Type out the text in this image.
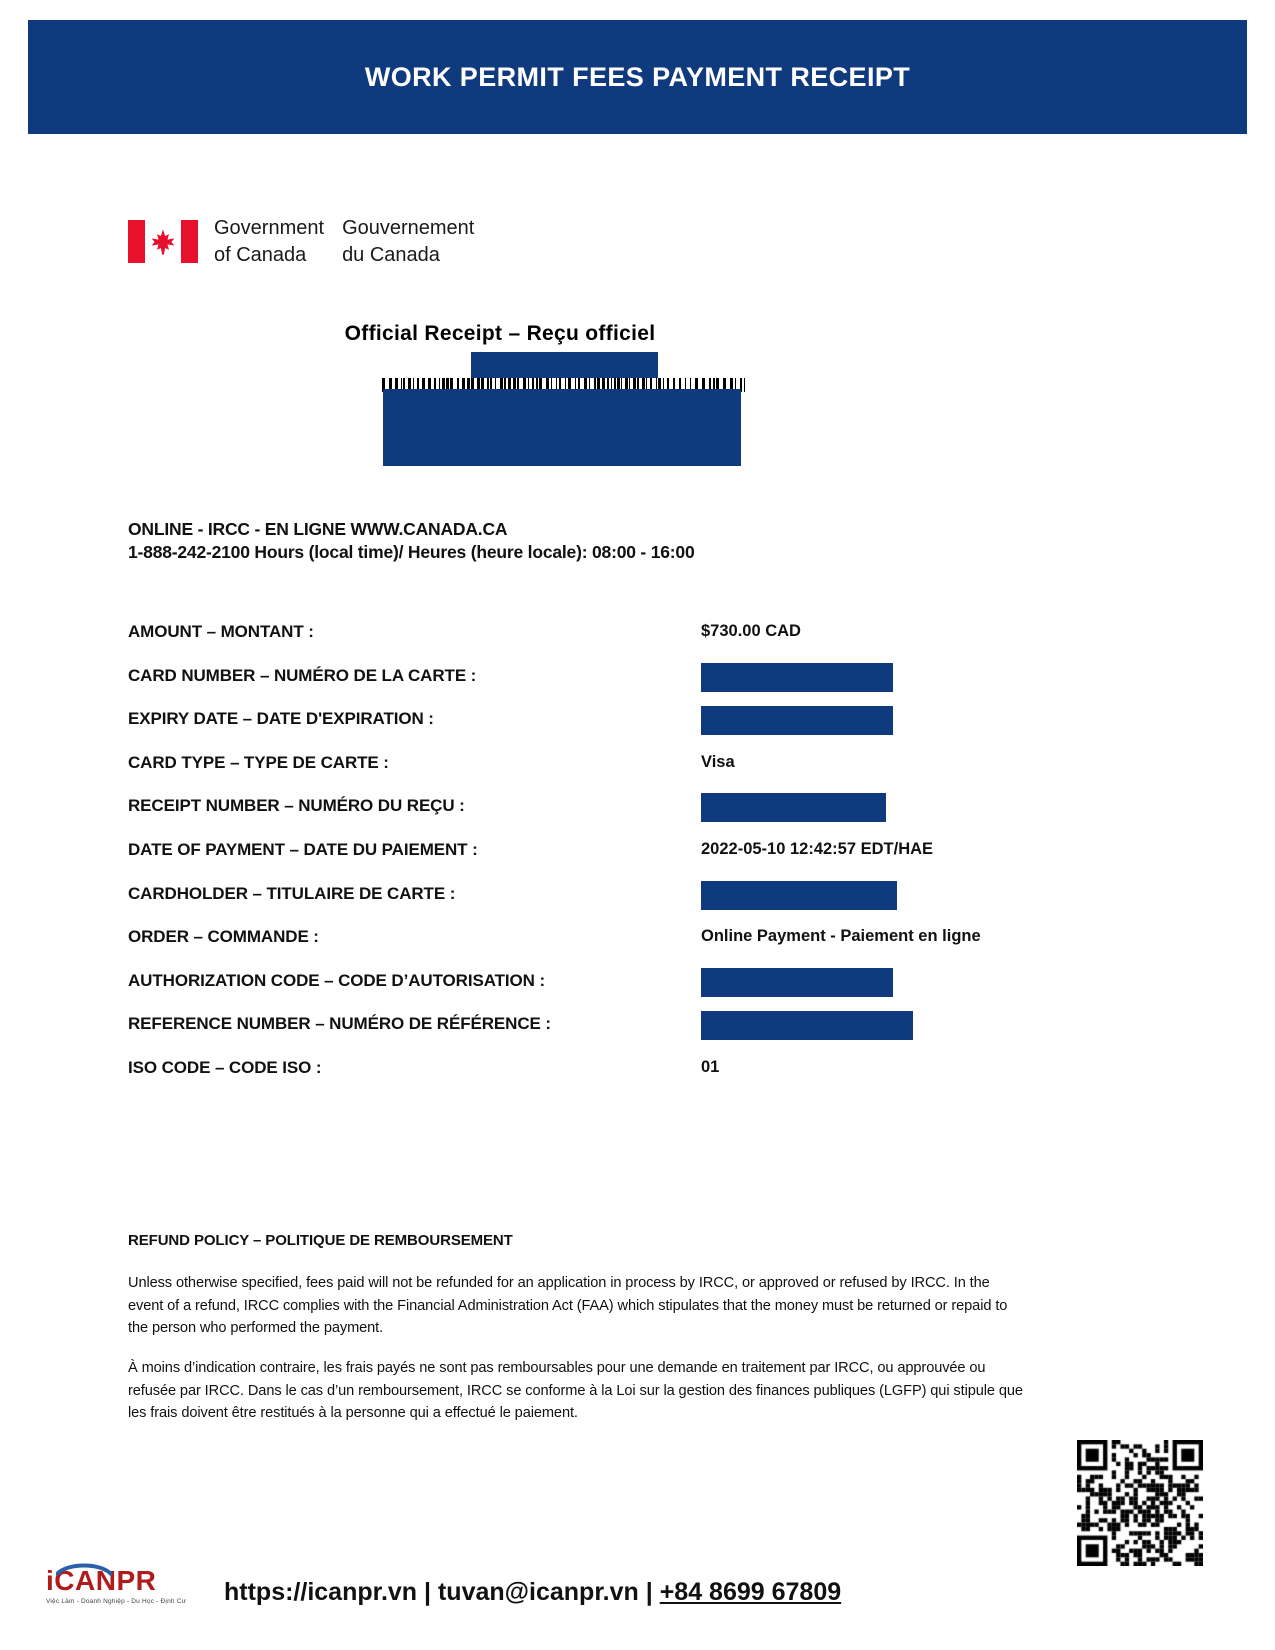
WORK PERMIT FEES PAYMENT RECEIPT
Government
of Canada
Gouvernement
du Canada
Official Receipt – Reçu officiel
ONLINE - IRCC - EN LIGNE WWW.CANADA.CA
1-888-242-2100 Hours (local time)/ Heures (heure locale): 08:00 - 16:00
AMOUNT – MONTANT :	$730.00 CAD
CARD NUMBER – NUMÉRO DE LA CARTE :
EXPIRY DATE – DATE D'EXPIRATION :
CARD TYPE – TYPE DE CARTE :	Visa
RECEIPT NUMBER – NUMÉRO DU REÇU :
DATE OF PAYMENT – DATE DU PAIEMENT :	2022-05-10 12:42:57 EDT/HAE
CARDHOLDER – TITULAIRE DE CARTE :
ORDER – COMMANDE :	Online Payment - Paiement en ligne
AUTHORIZATION CODE – CODE D’AUTORISATION :
REFERENCE NUMBER – NUMÉRO DE RÉFÉRENCE :
ISO CODE – CODE ISO :	01
REFUND POLICY – POLITIQUE DE REMBOURSEMENT
Unless otherwise specified, fees paid will not be refunded for an application in process by IRCC, or approved or refused by IRCC. In the event of a refund, IRCC complies with the Financial Administration Act (FAA) which stipulates that the money must be returned or repaid to the person who performed the payment.
À moins d’indication contraire, les frais payés ne sont pas remboursables pour une demande en traitement par IRCC, ou approuvée ou refusée par IRCC. Dans le cas d’un remboursement, IRCC se conforme à la Loi sur la gestion des finances publiques (LGFP) qui stipule que les frais doivent être restitués à la personne qui a effectué le paiement.
iCANPR
Việc Làm - Doanh Nghiệp - Du Học - Định Cư	https://icanpr.vn | tuvan@icanpr.vn | +84 8699 67809
